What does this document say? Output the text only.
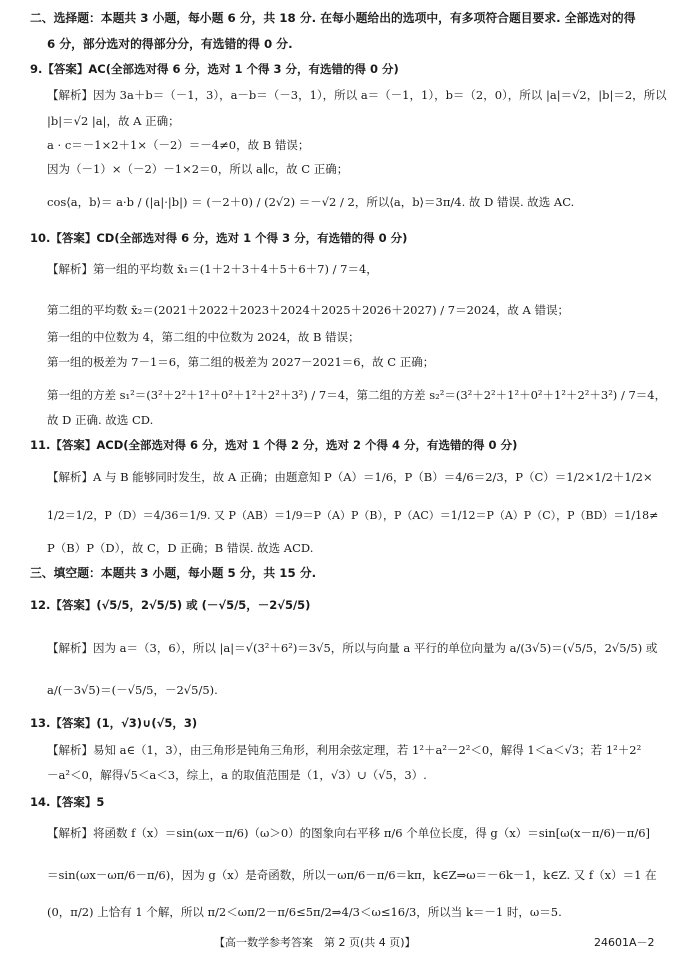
二、选择题：本题共 3 小题，每小题 6 分，共 18 分. 在每小题给出的选项中，有多项符合题目要求. 全部选对的得
6 分，部分选对的得部分分，有选错的得 0 分.
9.【答案】AC(全部选对得 6 分，选对 1 个得 3 分，有选错的得 0 分)
【解析】因为 3a＋b＝（－1，3），a－b＝（－3，1），所以 a＝（－1，1），b＝（2，0），所以 |a|＝√2，|b|＝2，所以
|b|＝√2 |a|，故 A 正确；
a · c＝－1×2＋1×（－2）＝－4≠0，故 B 错误；
因为（－1）×（－2）－1×2＝0，所以 a∥c，故 C 正确；
cos⟨a，b⟩＝ a·b / (|a|·|b|) ＝ (－2＋0) / (2√2) ＝－√2 / 2，所以⟨a，b⟩＝3π/4. 故 D 错误. 故选 AC.
10.【答案】CD(全部选对得 6 分，选对 1 个得 3 分，有选错的得 0 分)
【解析】第一组的平均数 x̄₁＝(1＋2＋3＋4＋5＋6＋7) / 7＝4，
第二组的平均数 x̄₂＝(2021＋2022＋2023＋2024＋2025＋2026＋2027) / 7＝2024，故 A 错误；
第一组的中位数为 4，第二组的中位数为 2024，故 B 错误；
第一组的极差为 7－1＝6，第二组的极差为 2027－2021＝6，故 C 正确；
第一组的方差 s₁²＝(3²＋2²＋1²＋0²＋1²＋2²＋3²) / 7＝4，第二组的方差 s₂²＝(3²＋2²＋1²＋0²＋1²＋2²＋3²) / 7＝4，
故 D 正确. 故选 CD.
11.【答案】ACD(全部选对得 6 分，选对 1 个得 2 分，选对 2 个得 4 分，有选错的得 0 分)
【解析】A 与 B 能够同时发生，故 A 正确；由题意知 P（A）＝1/6，P（B）＝4/6＝2/3，P（C）＝1/2×1/2＋1/2×
1/2＝1/2，P（D）＝4/36＝1/9. 又 P（AB）＝1/9＝P（A）P（B），P（AC）＝1/12＝P（A）P（C），P（BD）＝1/18≠
P（B）P（D），故 C，D 正确；B 错误. 故选 ACD.
三、填空题：本题共 3 小题，每小题 5 分，共 15 分.
12.【答案】(√5/5，2√5/5) 或 (－√5/5，－2√5/5)
【解析】因为 a＝（3，6），所以 |a|＝√(3²＋6²)＝3√5，所以与向量 a 平行的单位向量为 a/(3√5)＝(√5/5，2√5/5) 或
a/(－3√5)＝(－√5/5，－2√5/5).
13.【答案】(1，√3)∪(√5，3)
【解析】易知 a∈（1，3），由三角形是钝角三角形，利用余弦定理，若 1²＋a²－2²＜0，解得 1＜a＜√3；若 1²＋2²
－a²＜0，解得√5＜a＜3，综上，a 的取值范围是（1，√3）∪（√5，3）.
14.【答案】5
【解析】将函数 f（x）＝sin(ωx－π/6)（ω＞0）的图象向右平移 π/6 个单位长度，得 g（x）＝sin[ω(x－π/6)－π/6]
＝sin(ωx－ωπ/6－π/6)，因为 g（x）是奇函数，所以－ωπ/6－π/6＝kπ，k∈Z⇒ω＝－6k－1，k∈Z. 又 f（x）＝1 在
(0，π/2) 上恰有 1 个解，所以 π/2＜ωπ/2－π/6≤5π/2⇒4/3＜ω≤16/3，所以当 k＝－1 时，ω＝5.
【高一数学参考答案　第 2 页(共 4 页)】	24601A－2
